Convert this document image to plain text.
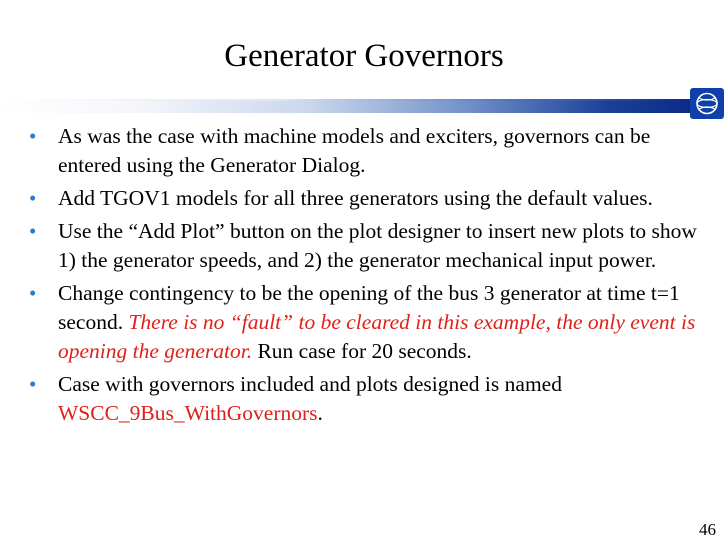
Generator Governors
• As was the case with machine models and exciters, governors can be entered using the Generator Dialog.
• Add TGOV1 models for all three generators using the default values.
• Use the “Add Plot” button on the plot designer to insert new plots to show 1) the generator speeds, and 2) the generator mechanical input power.
• Change contingency to be the opening of the bus 3 generator at time t=1 second. There is no “fault” to be cleared in this example, the only event is opening the generator. Run case for 20 seconds.
• Case with governors included and plots designed is named WSCC_9Bus_WithGovernors.
46
